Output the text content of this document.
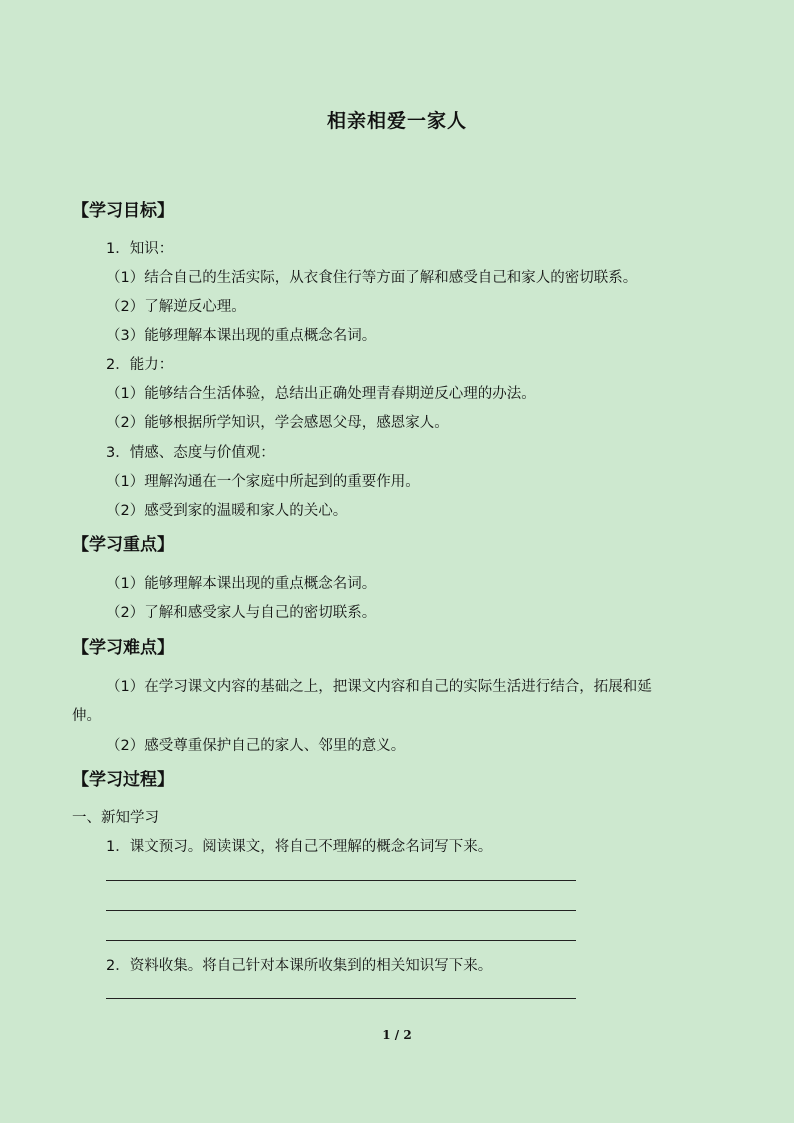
相亲相爱一家人
【学习目标】
1．知识：
（1）结合自己的生活实际，从衣食住行等方面了解和感受自己和家人的密切联系。
（2）了解逆反心理。
（3）能够理解本课出现的重点概念名词。
2．能力：
（1）能够结合生活体验，总结出正确处理青春期逆反心理的办法。
（2）能够根据所学知识，学会感恩父母，感恩家人。
3．情感、态度与价值观：
（1）理解沟通在一个家庭中所起到的重要作用。
（2）感受到家的温暖和家人的关心。
【学习重点】
（1）能够理解本课出现的重点概念名词。
（2）了解和感受家人与自己的密切联系。
【学习难点】
（1）在学习课文内容的基础之上，把课文内容和自己的实际生活进行结合，拓展和延
伸。
（2）感受尊重保护自己的家人、邻里的意义。
【学习过程】
一、新知学习
1．课文预习。阅读课文，将自己不理解的概念名词写下来。
2．资料收集。将自己针对本课所收集到的相关知识写下来。
1 / 2
